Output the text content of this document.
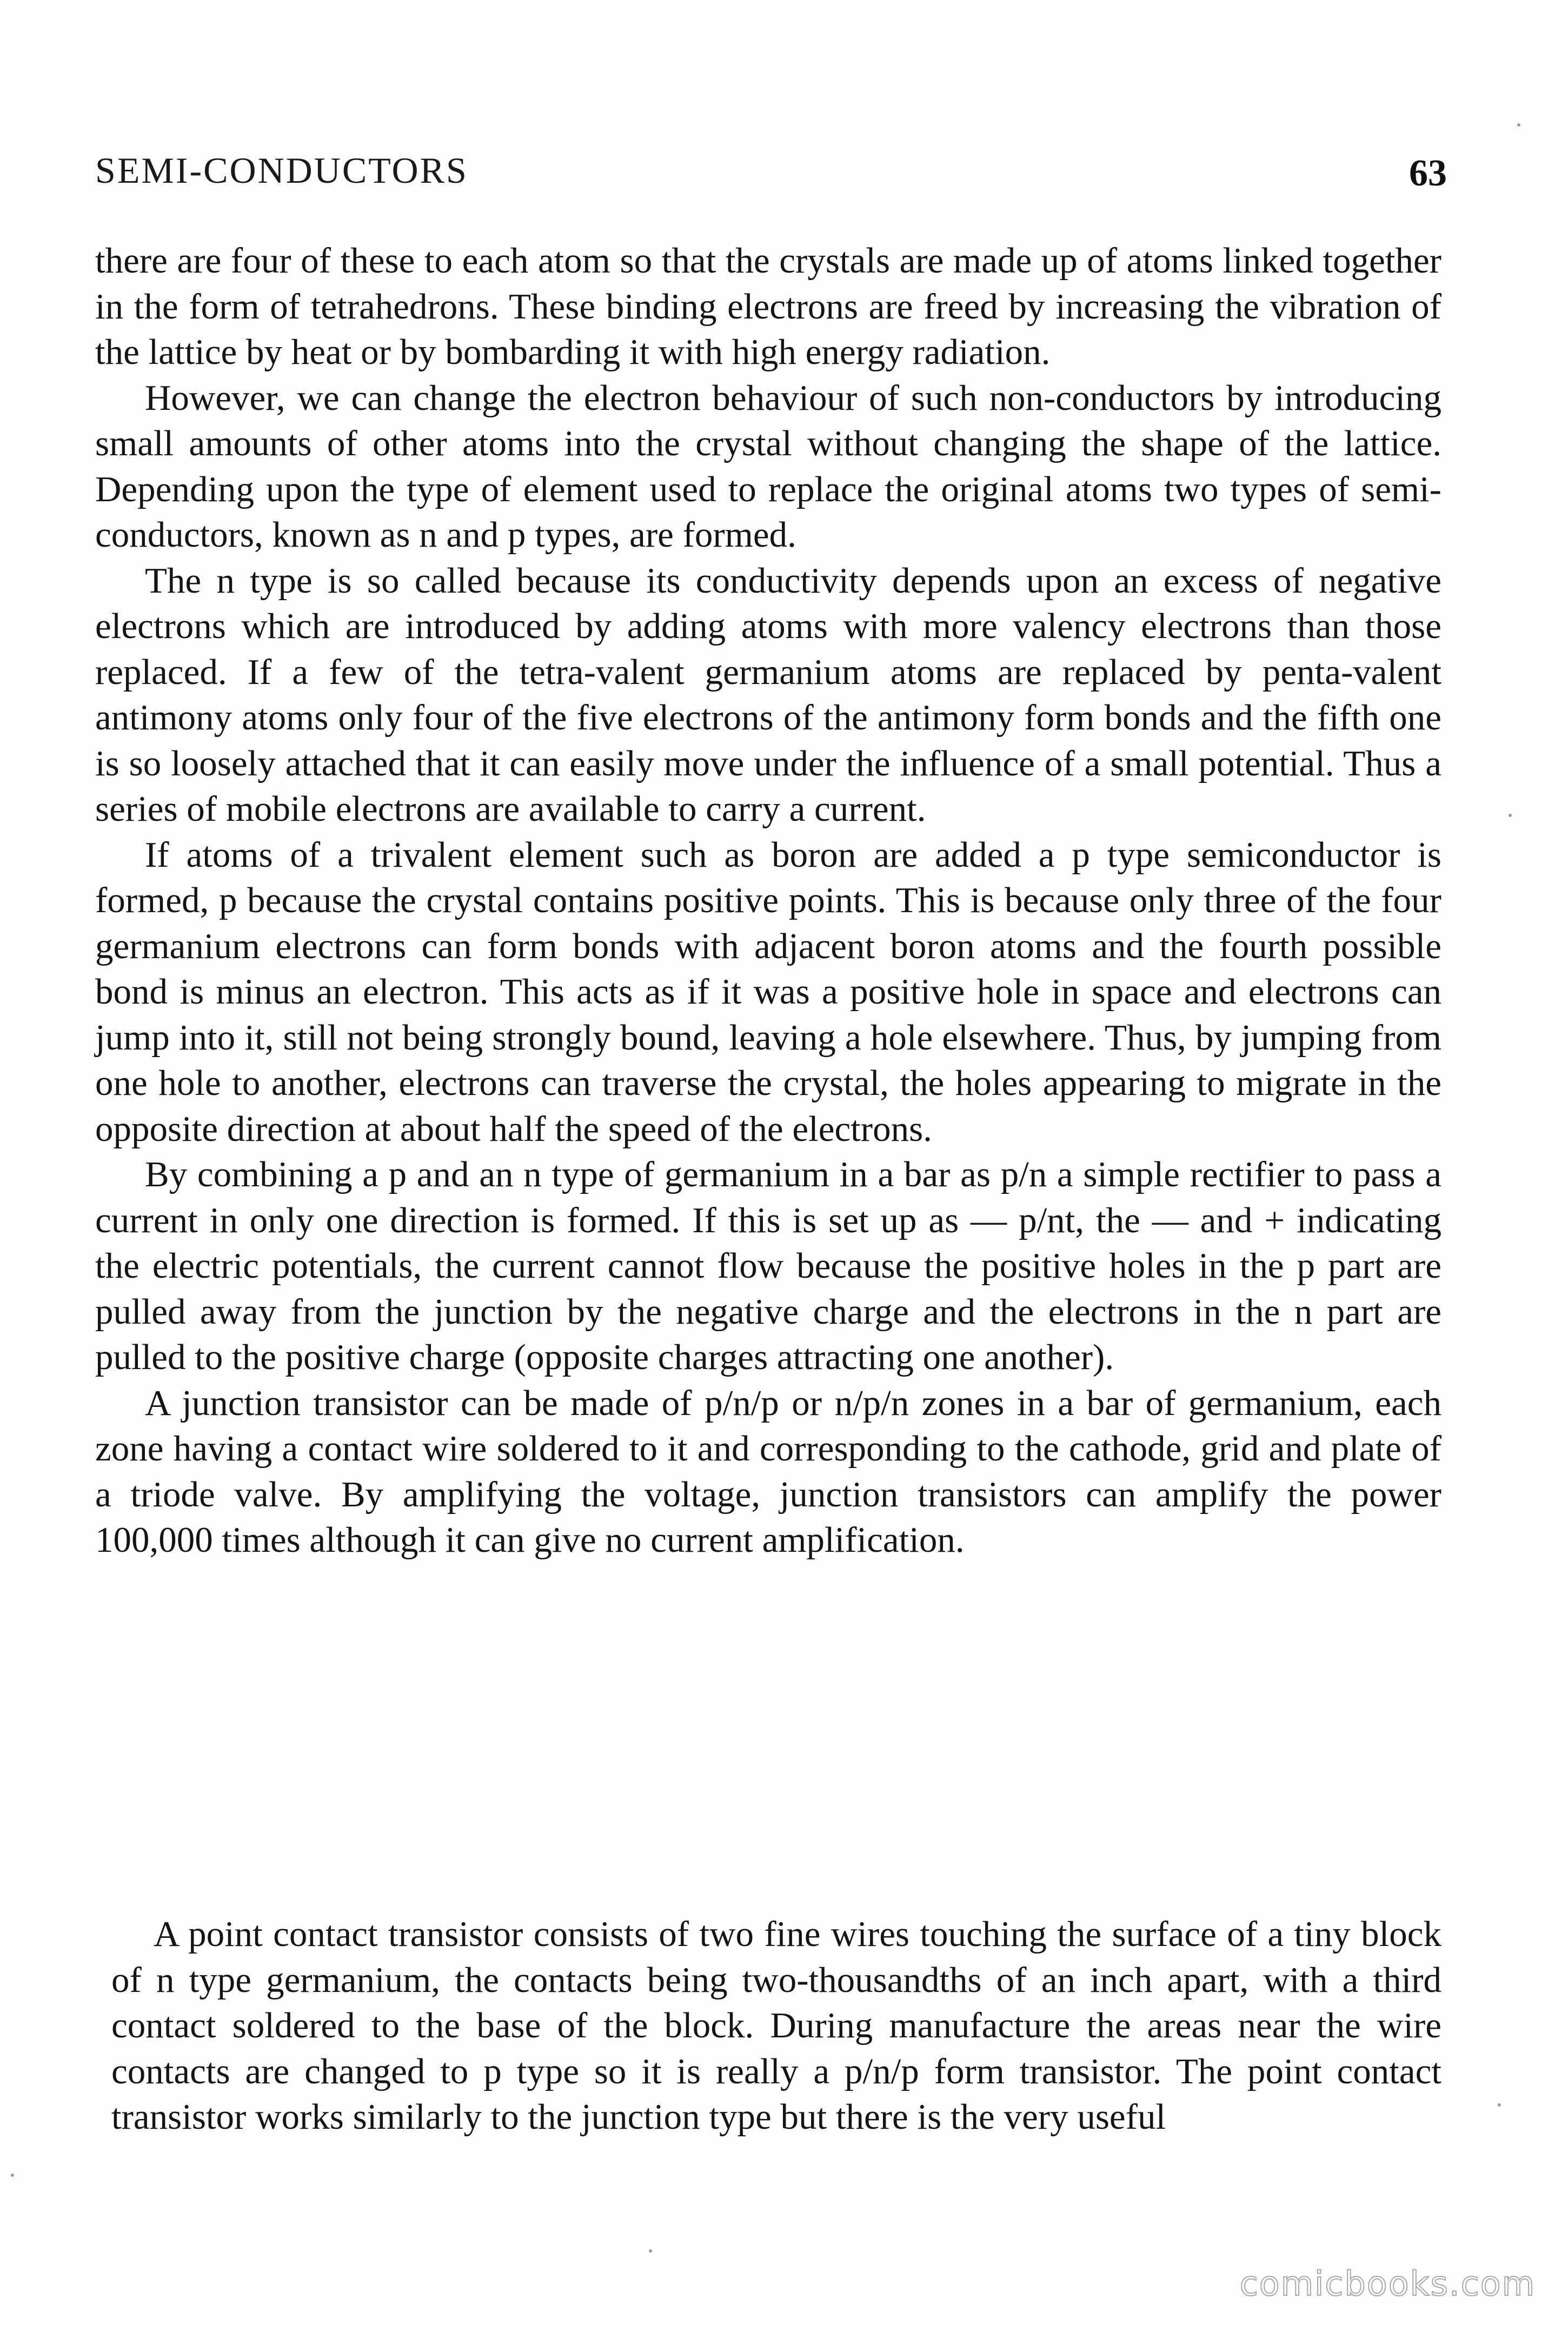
SEMI-CONDUCTORS	63

there are four of these to each atom so that the crystals are made up of atoms linked together in the form of tetrahedrons. These binding electrons are freed by increasing the vibration of the lattice by heat or by bombarding it with high energy radiation.

However, we can change the electron behaviour of such non-conductors by introducing small amounts of other atoms into the crystal without changing the shape of the lattice. Depending upon the type of element used to replace the original atoms two types of semi-conductors, known as n and p types, are formed.

The n type is so called because its conductivity depends upon an excess of negative electrons which are introduced by adding atoms with more valency electrons than those replaced. If a few of the tetra-valent germanium atoms are replaced by penta-valent antimony atoms only four of the five electrons of the antimony form bonds and the fifth one is so loosely attached that it can easily move under the influence of a small potential. Thus a series of mobile electrons are available to carry a current.

If atoms of a trivalent element such as boron are added a p type semiconductor is formed, p because the crystal contains positive points. This is because only three of the four germanium electrons can form bonds with adjacent boron atoms and the fourth possible bond is minus an electron. This acts as if it was a positive hole in space and electrons can jump into it, still not being strongly bound, leaving a hole elsewhere. Thus, by jumping from one hole to another, electrons can traverse the crystal, the holes appearing to migrate in the opposite direction at about half the speed of the electrons.

By combining a p and an n type of germanium in a bar as p/n a simple rectifier to pass a current in only one direction is formed. If this is set up as — p/nt, the — and + indicating the electric potentials, the current cannot flow because the positive holes in the p part are pulled away from the junction by the negative charge and the electrons in the n part are pulled to the positive charge (opposite charges attracting one another).

A junction transistor can be made of p/n/p or n/p/n zones in a bar of germanium, each zone having a contact wire soldered to it and corresponding to the cathode, grid and plate of a triode valve. By amplifying the voltage, junction transistors can amplify the power 100,000 times although it can give no current amplification.

A point contact transistor consists of two fine wires touching the surface of a tiny block of n type germanium, the contacts being two-thousandths of an inch apart, with a third contact soldered to the base of the block. During manufacture the areas near the wire contacts are changed to p type so it is really a p/n/p form transistor. The point contact transistor works similarly to the junction type but there is the very useful

comicbooks.com
